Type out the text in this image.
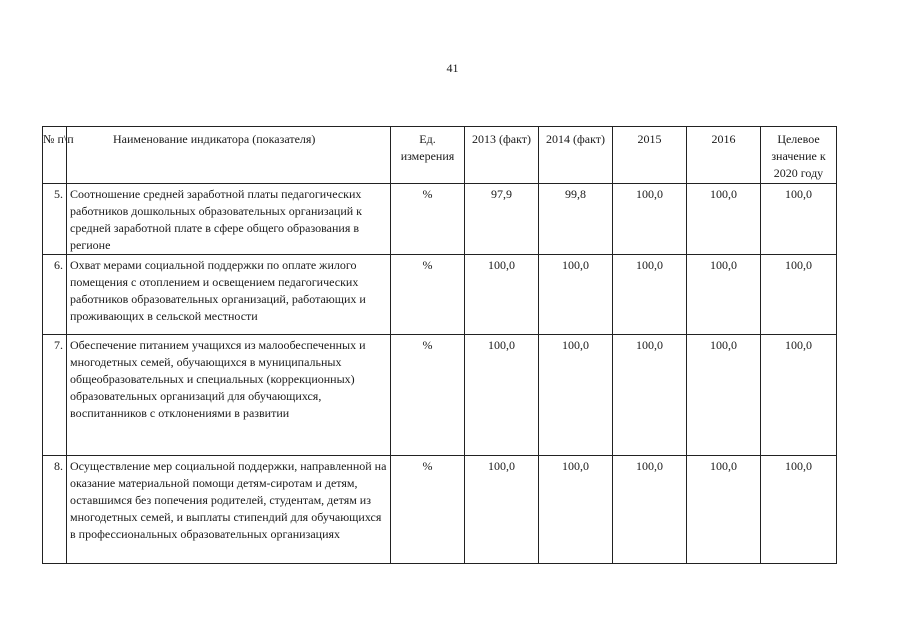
41
№ п\п	Наименование индикатора (показателя)	Ед. измерения	2013 (факт)	2014 (факт)	2015	2016	Целевое значение к 2020 году
5.	Соотношение средней заработной платы педагогических работников дошкольных образовательных организаций к средней заработной плате в сфере общего образования в регионе	%	97,9	99,8	100,0	100,0	100,0
6.	Охват мерами социальной поддержки по оплате жилого помещения с отоплением и освещением педагогических работников образовательных организаций, работающих и проживающих в сельской местности	%	100,0	100,0	100,0	100,0	100,0
7.	Обеспечение питанием учащихся из малообеспеченных и многодетных семей, обучающихся в муниципальных общеобразовательных и специальных (коррекционных) образовательных организаций для обучающихся, воспитанников с отклонениями в развитии	%	100,0	100,0	100,0	100,0	100,0
8.	Осуществление мер социальной поддержки, направленной на оказание материальной помощи детям-сиротам и детям, оставшимся без попечения родителей, студентам, детям из многодетных семей, и выплаты стипендий для обучающихся в профессиональных образовательных организациях	%	100,0	100,0	100,0	100,0	100,0
